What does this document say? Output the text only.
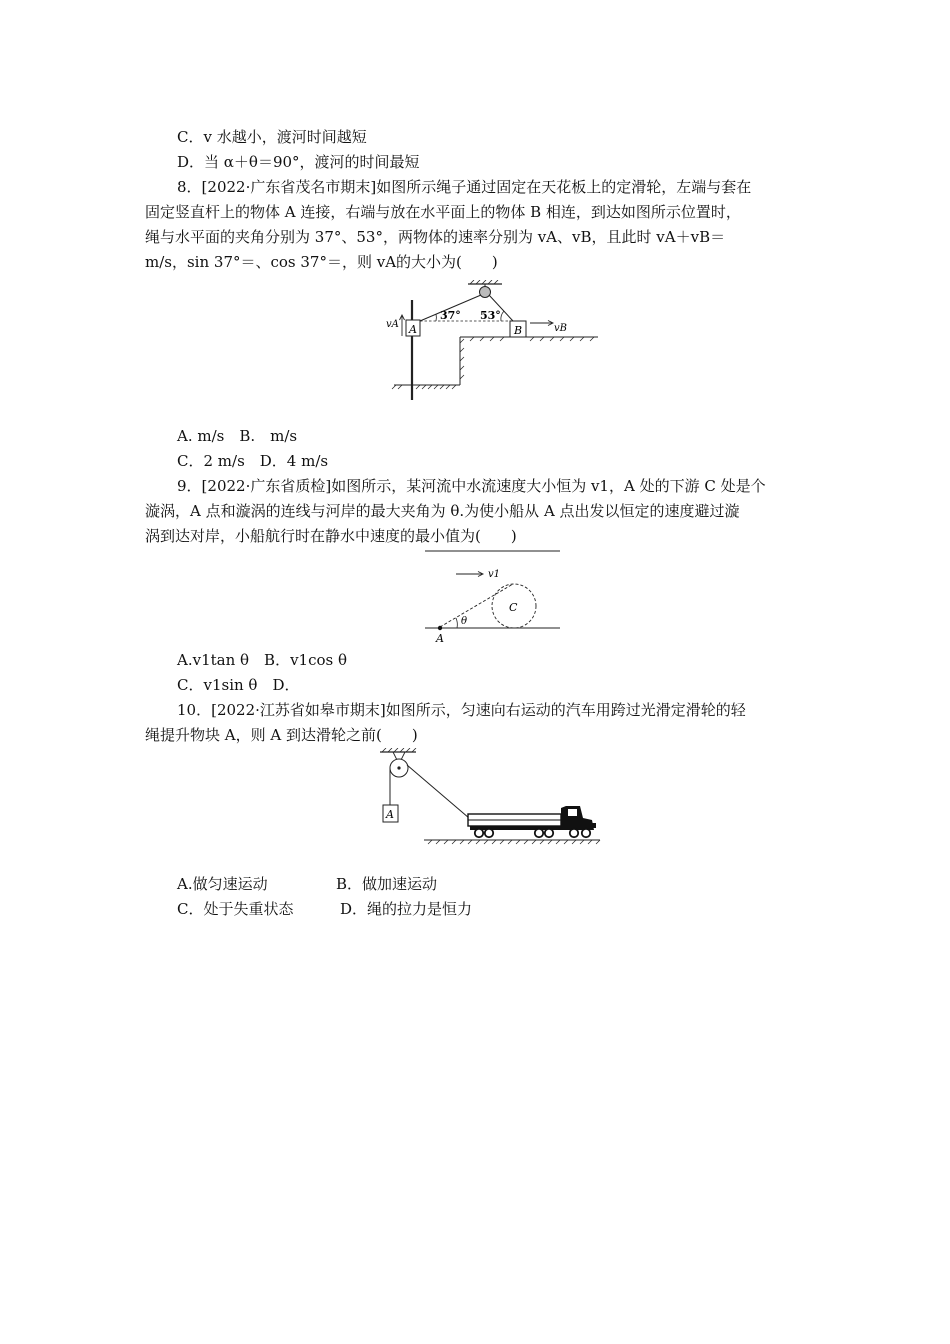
C．v 水越小，渡河时间越短
D．当 α＋θ＝90°，渡河的时间最短
8．[2022·广东省茂名市期末]如图所示绳子通过固定在天花板上的定滑轮，左端与套在
固定竖直杆上的物体 A 连接，右端与放在水平面上的物体 B 相连，到达如图所示位置时，
绳与水平面的夹角分别为 37°、53°，两物体的速率分别为 vA、vB，且此时 vA＋vB＝
m/s，sin 37°＝、cos 37°＝，则 vA的大小为(　　)
A
vA	B
37° 53°
vB
A. m/s　B.　m/s
C．2 m/s　D．4 m/s
9．[2022·广东省质检]如图所示，某河流中水流速度大小恒为 v1，A 处的下游 C 处是个
漩涡，A 点和漩涡的连线与河岸的最大夹角为 θ.为使小船从 A 点出发以恒定的速度避过漩
涡到达对岸，小船航行时在静水中速度的最小值为(　　)
v1
C
θ
A
A.v1tan θ　B．v1cos θ
C．v1sin θ　D．
10．[2022·江苏省如皋市期末]如图所示，匀速向右运动的汽车用跨过光滑定滑轮的轻
绳提升物块 A，则 A 到达滑轮之前(　　)
A
A.做匀速运动	B．做加速运动
C．处于失重状态	D．绳的拉力是恒力
